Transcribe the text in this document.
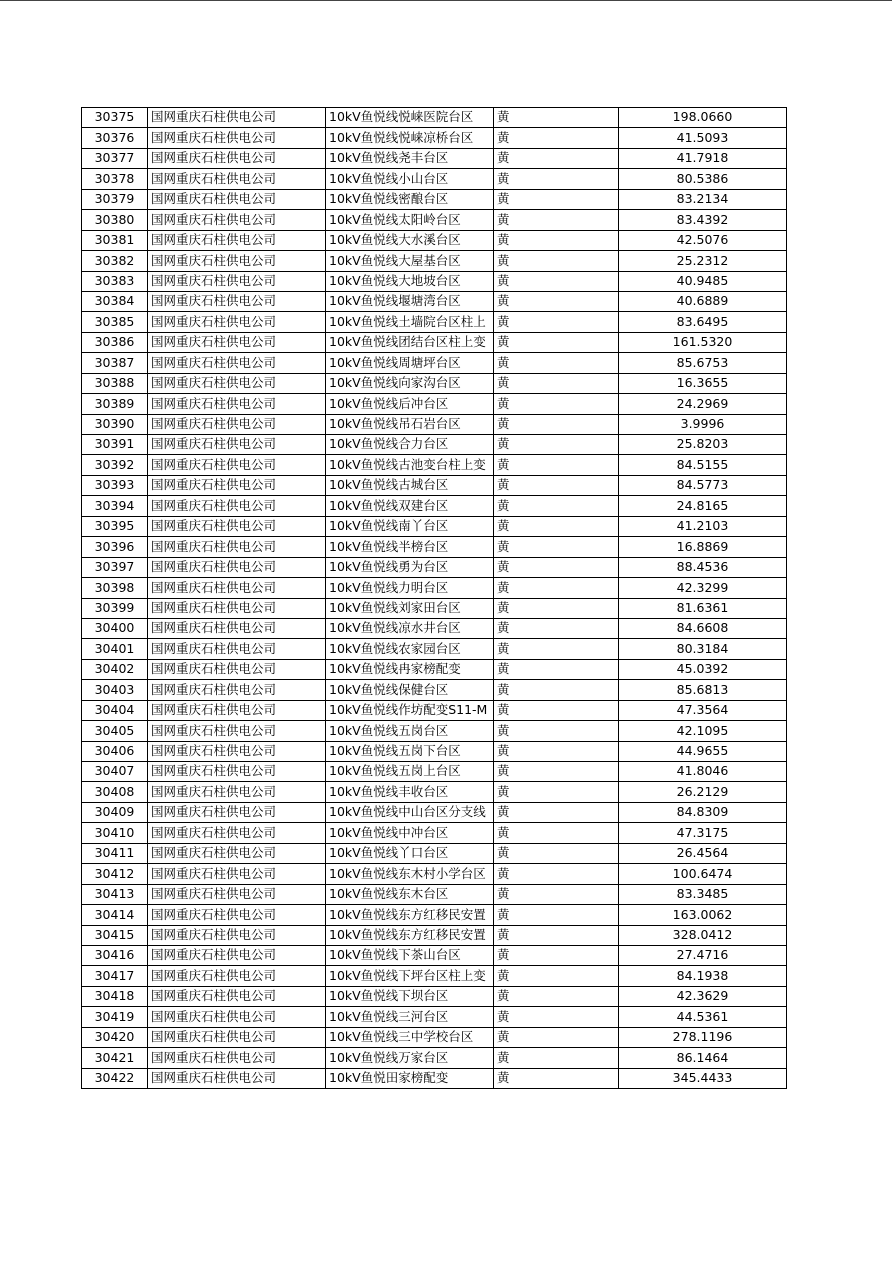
30375	国网重庆石柱供电公司	10kV鱼悦线悦崃医院台区	黄	198.0660
30376	国网重庆石柱供电公司	10kV鱼悦线悦崃凉桥台区	黄	41.5093
30377	国网重庆石柱供电公司	10kV鱼悦线尧丰台区	黄	41.7918
30378	国网重庆石柱供电公司	10kV鱼悦线小山台区	黄	80.5386
30379	国网重庆石柱供电公司	10kV鱼悦线密酿台区	黄	83.2134
30380	国网重庆石柱供电公司	10kV鱼悦线太阳岭台区	黄	83.4392
30381	国网重庆石柱供电公司	10kV鱼悦线大水溪台区	黄	42.5076
30382	国网重庆石柱供电公司	10kV鱼悦线大屋基台区	黄	25.2312
30383	国网重庆石柱供电公司	10kV鱼悦线大地坡台区	黄	40.9485
30384	国网重庆石柱供电公司	10kV鱼悦线堰塘湾台区	黄	40.6889
30385	国网重庆石柱供电公司	10kV鱼悦线土墙院台区柱上	黄	83.6495
30386	国网重庆石柱供电公司	10kV鱼悦线团结台区柱上变	黄	161.5320
30387	国网重庆石柱供电公司	10kV鱼悦线周塘坪台区	黄	85.6753
30388	国网重庆石柱供电公司	10kV鱼悦线向家沟台区	黄	16.3655
30389	国网重庆石柱供电公司	10kV鱼悦线后冲台区	黄	24.2969
30390	国网重庆石柱供电公司	10kV鱼悦线吊石岩台区	黄	3.9996
30391	国网重庆石柱供电公司	10kV鱼悦线合力台区	黄	25.8203
30392	国网重庆石柱供电公司	10kV鱼悦线古池变台柱上变	黄	84.5155
30393	国网重庆石柱供电公司	10kV鱼悦线古城台区	黄	84.5773
30394	国网重庆石柱供电公司	10kV鱼悦线双建台区	黄	24.8165
30395	国网重庆石柱供电公司	10kV鱼悦线南丫台区	黄	41.2103
30396	国网重庆石柱供电公司	10kV鱼悦线半榜台区	黄	16.8869
30397	国网重庆石柱供电公司	10kV鱼悦线勇为台区	黄	88.4536
30398	国网重庆石柱供电公司	10kV鱼悦线力明台区	黄	42.3299
30399	国网重庆石柱供电公司	10kV鱼悦线刘家田台区	黄	81.6361
30400	国网重庆石柱供电公司	10kV鱼悦线凉水井台区	黄	84.6608
30401	国网重庆石柱供电公司	10kV鱼悦线农家园台区	黄	80.3184
30402	国网重庆石柱供电公司	10kV鱼悦线冉家榜配变	黄	45.0392
30403	国网重庆石柱供电公司	10kV鱼悦线保健台区	黄	85.6813
30404	国网重庆石柱供电公司	10kV鱼悦线作坊配变S11-M	黄	47.3564
30405	国网重庆石柱供电公司	10kV鱼悦线五岗台区	黄	42.1095
30406	国网重庆石柱供电公司	10kV鱼悦线五岗下台区	黄	44.9655
30407	国网重庆石柱供电公司	10kV鱼悦线五岗上台区	黄	41.8046
30408	国网重庆石柱供电公司	10kV鱼悦线丰收台区	黄	26.2129
30409	国网重庆石柱供电公司	10kV鱼悦线中山台区分支线	黄	84.8309
30410	国网重庆石柱供电公司	10kV鱼悦线中冲台区	黄	47.3175
30411	国网重庆石柱供电公司	10kV鱼悦线丫口台区	黄	26.4564
30412	国网重庆石柱供电公司	10kV鱼悦线东木村小学台区	黄	100.6474
30413	国网重庆石柱供电公司	10kV鱼悦线东木台区	黄	83.3485
30414	国网重庆石柱供电公司	10kV鱼悦线东方红移民安置	黄	163.0062
30415	国网重庆石柱供电公司	10kV鱼悦线东方红移民安置	黄	328.0412
30416	国网重庆石柱供电公司	10kV鱼悦线下茶山台区	黄	27.4716
30417	国网重庆石柱供电公司	10kV鱼悦线下坪台区柱上变	黄	84.1938
30418	国网重庆石柱供电公司	10kV鱼悦线下坝台区	黄	42.3629
30419	国网重庆石柱供电公司	10kV鱼悦线三河台区	黄	44.5361
30420	国网重庆石柱供电公司	10kV鱼悦线三中学校台区	黄	278.1196
30421	国网重庆石柱供电公司	10kV鱼悦线万家台区	黄	86.1464
30422	国网重庆石柱供电公司	10kV鱼悦田家榜配变	黄	345.4433
